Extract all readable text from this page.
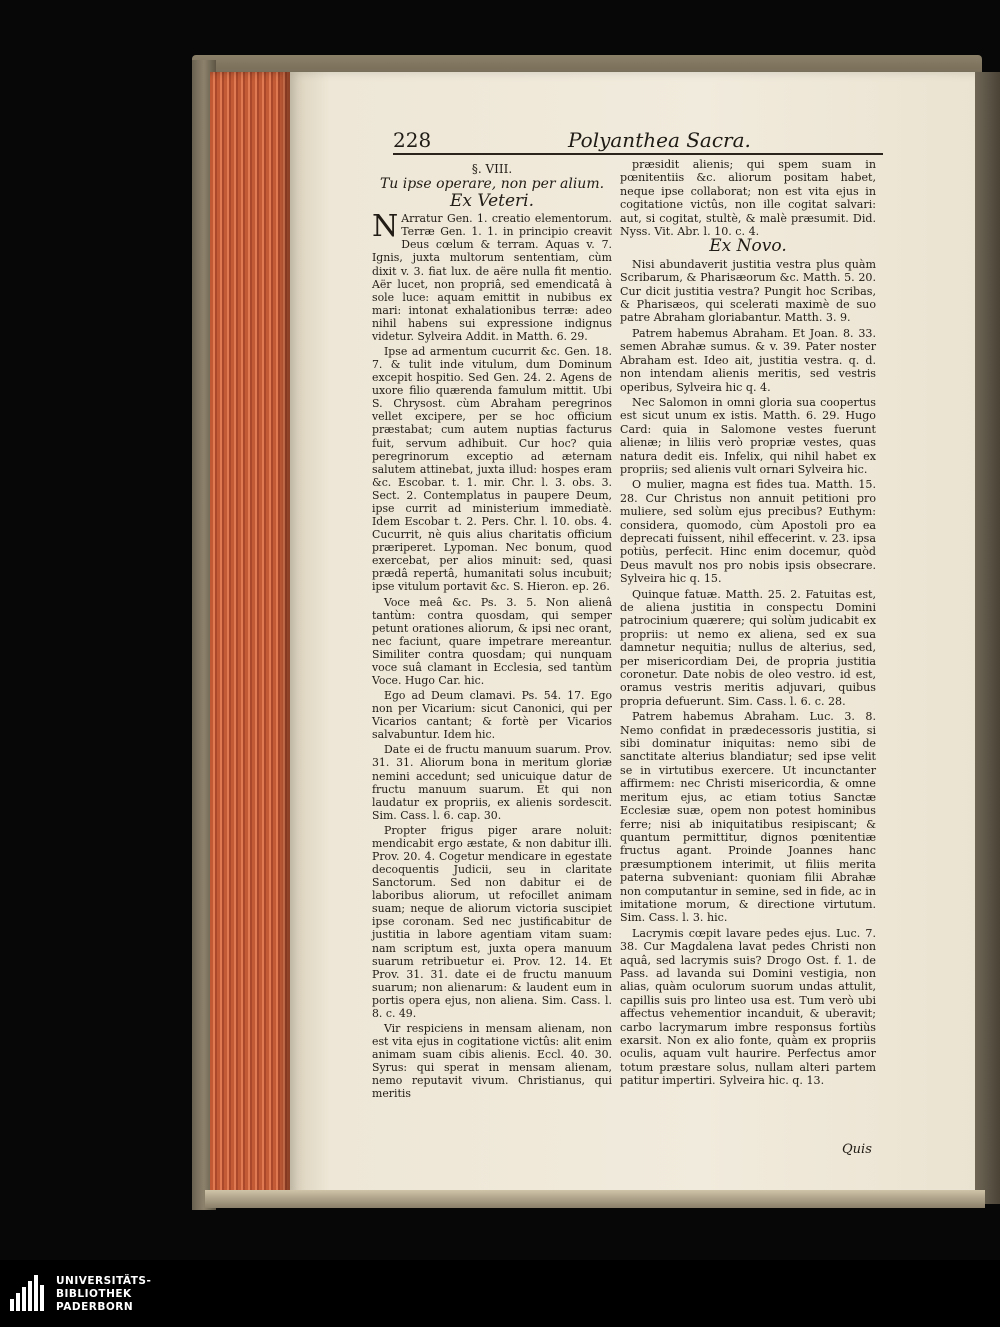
228	Polyanthea Sacra.

§. VIII.

Tu ipse operare, non per alium.

Ex Veteri.

N Arratur Gen. 1. creatio elementorum. Terræ Gen. 1. 1. in principio creavit Deus cœlum & terram. Aquas v. 7. Ignis, juxta multorum sententiam, cùm dixit v. 3. fiat lux. de aëre nulla fit mentio. Aër lucet, non propriâ, sed emendicatâ à sole luce: aquam emittit in nubibus ex mari: intonat exhalationibus terræ: adeo nihil habens sui expressione indignus videtur. Sylveira Addit. in Matth. 6. 29.

Ipse ad armentum cucurrit &c. Gen. 18. 7. & tulit inde vitulum, dum Dominum excepit hospitio. Sed Gen. 24. 2. Agens de uxore filio quærenda famulum mittit. Ubi S. Chrysost. cùm Abraham peregrinos vellet excipere, per se hoc officium præstabat; cum autem nuptias facturus fuit, servum adhibuit. Cur hoc? quia peregrinorum exceptio ad æternam salutem attinebat, juxta illud: hospes eram &c. Escobar. t. 1. mir. Chr. l. 3. obs. 3. Sect. 2. Contemplatus in paupere Deum, ipse currit ad ministerium immediatè. Idem Escobar t. 2. Pers. Chr. l. 10. obs. 4. Cucurrit, nè quis alius charitatis officium præriperet. Lypoman. Nec bonum, quod exercebat, per alios minuit: sed, quasi prædâ repertâ, humanitati solus incubuit; ipse vitulum portavit &c. S. Hieron. ep. 26.

Voce meâ &c. Ps. 3. 5. Non alienâ tantùm: contra quosdam, qui semper petunt orationes aliorum, & ipsi nec orant, nec faciunt, quare impetrare mereantur. Similiter contra quosdam; qui nunquam voce suâ clamant in Ecclesia, sed tantùm Voce. Hugo Car. hic.

Ego ad Deum clamavi. Ps. 54. 17. Ego non per Vicarium: sicut Canonici, qui per Vicarios cantant; & fortè per Vicarios salvabuntur. Idem hic.

Date ei de fructu manuum suarum. Prov. 31. 31. Aliorum bona in meritum gloriæ nemini accedunt; sed unicuique datur de fructu manuum suarum. Et qui non laudatur ex propriis, ex alienis sordescit. Sim. Cass. l. 6. cap. 30.

Propter frigus piger arare noluit: mendicabit ergo æstate, & non dabitur illi. Prov. 20. 4. Cogetur mendicare in egestate decoquentis Judicii, seu in claritate Sanctorum. Sed non dabitur ei de laboribus aliorum, ut refocillet animam suam; neque de aliorum victoria suscipiet ipse coronam. Sed nec justificabitur de justitia in labore agentiam vitam suam: nam scriptum est, juxta opera manuum suarum retribuetur ei. Prov. 12. 14. Et Prov. 31. 31. date ei de fructu manuum suarum; non alienarum: & laudent eum in portis opera ejus, non aliena. Sim. Cass. l. 8. c. 49.

Vir respiciens in mensam alienam, non est vita ejus in cogitatione victûs: alit enim animam suam cibis alienis. Eccl. 40. 30. Syrus: qui sperat in mensam alienam, nemo reputavit vivum. Christianus, qui meritis

præsidit alienis; qui spem suam in pœnitentiis &c. aliorum positam habet, neque ipse collaborat; non est vita ejus in cogitatione victûs, non ille cogitat salvari: aut, si cogitat, stultè, & malè præsumit. Did. Nyss. Vit. Abr. l. 10. c. 4.

Ex Novo.

Nisi abundaverit justitia vestra plus quàm Scribarum, & Pharisæorum &c. Matth. 5. 20. Cur dicit justitia vestra? Pungit hoc Scribas, & Pharisæos, qui scelerati maximè de suo patre Abraham gloriabantur. Matth. 3. 9.

Patrem habemus Abraham. Et Joan. 8. 33. semen Abrahæ sumus. & v. 39. Pater noster Abraham est. Ideo ait, justitia vestra. q. d. non intendam alienis meritis, sed vestris operibus, Sylveira hic q. 4.

Nec Salomon in omni gloria sua coopertus est sicut unum ex istis. Matth. 6. 29. Hugo Card: quia in Salomone vestes fuerunt alienæ; in liliis verò propriæ vestes, quas natura dedit eis. Infelix, qui nihil habet ex propriis; sed alienis vult ornari Sylveira hic.

O mulier, magna est fides tua. Matth. 15. 28. Cur Christus non annuit petitioni pro muliere, sed solùm ejus precibus? Euthym: considera, quomodo, cùm Apostoli pro ea deprecati fuissent, nihil effecerint. v. 23. ipsa potiùs, perfecit. Hinc enim docemur, quòd Deus mavult nos pro nobis ipsis obsecrare. Sylveira hic q. 15.

Quinque fatuæ. Matth. 25. 2. Fatuitas est, de aliena justitia in conspectu Domini patrocinium quærere; qui solùm judicabit ex propriis: ut nemo ex aliena, sed ex sua damnetur nequitia; nullus de alterius, sed, per misericordiam Dei, de propria justitia coronetur. Date nobis de oleo vestro. id est, oramus vestris meritis adjuvari, quibus propria defuerunt. Sim. Cass. l. 6. c. 28.

Patrem habemus Abraham. Luc. 3. 8. Nemo confidat in prædecessoris justitia, si sibi dominatur iniquitas: nemo sibi de sanctitate alterius blandiatur; sed ipse velit se in virtutibus exercere. Ut incunctanter affirmem: nec Christi misericordia, & omne meritum ejus, ac etiam totius Sanctæ Ecclesiæ suæ, opem non potest hominibus ferre; nisi ab iniquitatibus resipiscant; & quantum permittitur, dignos pœnitentiæ fructus agant. Proinde Joannes hanc præsumptionem interimit, ut filiis merita paterna subveniant: quoniam filii Abrahæ non computantur in semine, sed in fide, ac in imitatione morum, & directione virtutum. Sim. Cass. l. 3. hic.

Lacrymis cœpit lavare pedes ejus. Luc. 7. 38. Cur Magdalena lavat pedes Christi non aquâ, sed lacrymis suis? Drogo Ost. f. 1. de Pass. ad lavanda sui Domini vestigia, non alias, quàm oculorum suorum undas attulit, capillis suis pro linteo usa est. Tum verò ubi affectus vehementior incanduit, & uberavit; carbo lacrymarum imbre responsus fortiùs exarsit. Non ex alio fonte, quàm ex propriis oculis, aquam vult haurire. Perfectus amor totum præstare solus, nullam alteri partem patitur impertiri. Sylveira hic. q. 13.

Quis
UNIVERSITÄTS-
BIBLIOTHEK
PADERBORN
